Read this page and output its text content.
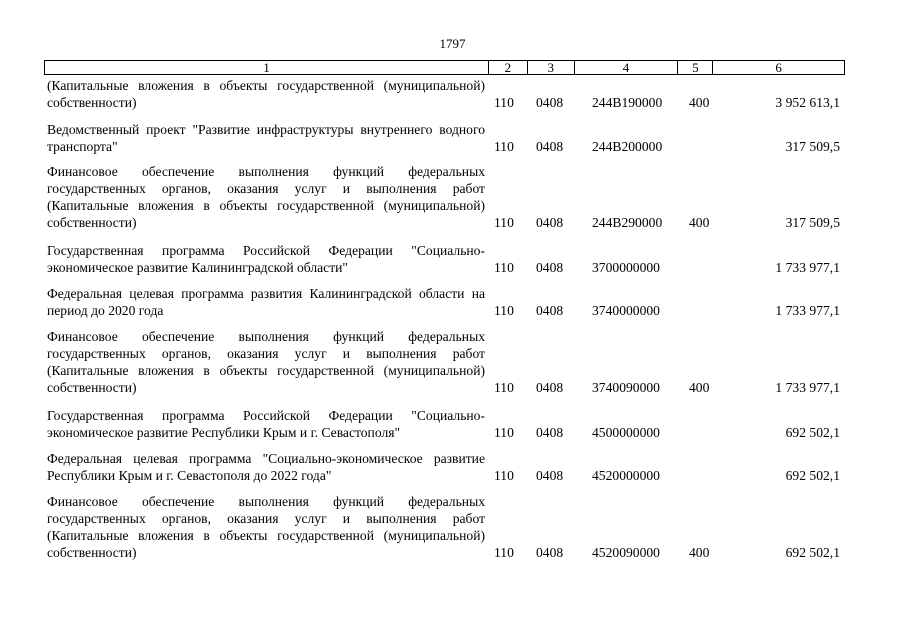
1797
1	2	3	4	5	6
(Капитальные вложения в объекты государственной (муниципальной) собственности)	110 0408 244В190000 400	3 952 613,1
Ведомственный проект "Развитие инфраструктуры внутреннего водного транспорта"	110 0408 244В200000	317 509,5
Финансовое обеспечение выполнения функций федеральных государственных органов, оказания услуг и выполнения работ (Капитальные вложения в объекты государственной (муниципальной) собственности)	110 0408 244В290000 400	317 509,5
Государственная программа Российской Федерации "Социально-экономическое развитие Калининградской области"	110 0408 3700000000	1 733 977,1
Федеральная целевая программа развития Калининградской области на период до 2020 года	110 0408 3740000000	1 733 977,1
Финансовое обеспечение выполнения функций федеральных государственных органов, оказания услуг и выполнения работ (Капитальные вложения в объекты государственной (муниципальной) собственности)	110 0408 3740090000 400	1 733 977,1
Государственная программа Российской Федерации "Социально-экономическое развитие Республики Крым и г. Севастополя"	110 0408 4500000000	692 502,1
Федеральная целевая программа "Социально-экономическое развитие Республики Крым и г. Севастополя до 2022 года"	110 0408 4520000000	692 502,1
Финансовое обеспечение выполнения функций федеральных государственных органов, оказания услуг и выполнения работ (Капитальные вложения в объекты государственной (муниципальной) собственности)	110 0408 4520090000 400	692 502,1
